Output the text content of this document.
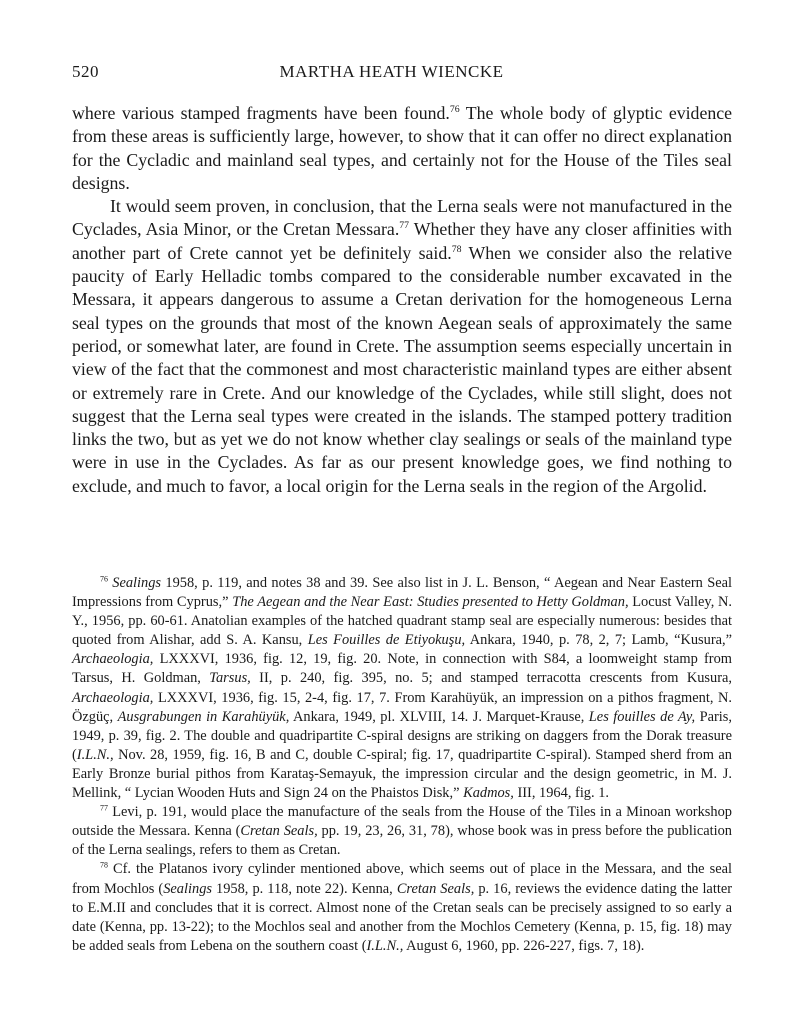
520	MARTHA HEATH WIENCKE

where various stamped fragments have been found.$^{76}$ The whole body of glyptic evidence from these areas is sufficiently large, however, to show that it can offer no direct explanation for the Cycladic and mainland seal types, and certainly not for the House of the Tiles seal designs.

It would seem proven, in conclusion, that the Lerna seals were not manufactured in the Cyclades, Asia Minor, or the Cretan Messara.$^{77}$ Whether they have any closer affinities with another part of Crete cannot yet be definitely said.$^{78}$ When we consider also the relative paucity of Early Helladic tombs compared to the considerable number excavated in the Messara, it appears dangerous to assume a Cretan derivation for the homogeneous Lerna seal types on the grounds that most of the known Aegean seals of approximately the same period, or somewhat later, are found in Crete. The assumption seems especially uncertain in view of the fact that the commonest and most characteristic mainland types are either absent or extremely rare in Crete. And our knowledge of the Cyclades, while still slight, does not suggest that the Lerna seal types were created in the islands. The stamped pottery tradition links the two, but as yet we do not know whether clay sealings or seals of the mainland type were in use in the Cyclades. As far as our present knowledge goes, we find nothing to exclude, and much to favor, a local origin for the Lerna seals in the region of the Argolid.

$^{76}$ Sealings 1958, p. 119, and notes 38 and 39. See also list in J. L. Benson, “ Aegean and Near Eastern Seal Impressions from Cyprus,” The Aegean and the Near East: Studies presented to Hetty Goldman, Locust Valley, N. Y., 1956, pp. 60-61. Anatolian examples of the hatched quadrant stamp seal are especially numerous: besides that quoted from Alishar, add S. A. Kansu, Les Fouilles de Etiyokuşu, Ankara, 1940, p. 78, 2, 7; Lamb, “Kusura,” Archaeologia, LXXXVI, 1936, fig. 12, 19, fig. 20. Note, in connection with S84, a loomweight stamp from Tarsus, H. Goldman, Tarsus, II, p. 240, fig. 395, no. 5; and stamped terracotta crescents from Kusura, Archaeologia, LXXXVI, 1936, fig. 15, 2-4, fig. 17, 7. From Karahüyük, an impression on a pithos fragment, N. Özgüç, Ausgrabungen in Karahüyük, Ankara, 1949, pl. XLVIII, 14. J. Marquet-Krause, Les fouilles de Ay, Paris, 1949, p. 39, fig. 2. The double and quadripartite C-spiral designs are striking on daggers from the Dorak treasure (I.L.N., Nov. 28, 1959, fig. 16, B and C, double C-spiral; fig. 17, quadripartite C-spiral). Stamped sherd from an Early Bronze burial pithos from Karataş-Semayuk, the impression circular and the design geometric, in M. J. Mellink, “ Lycian Wooden Huts and Sign 24 on the Phaistos Disk,” Kadmos, III, 1964, fig. 1.

$^{77}$ Levi, p. 191, would place the manufacture of the seals from the House of the Tiles in a Minoan workshop outside the Messara. Kenna (Cretan Seals, pp. 19, 23, 26, 31, 78), whose book was in press before the publication of the Lerna sealings, refers to them as Cretan.

$^{78}$ Cf. the Platanos ivory cylinder mentioned above, which seems out of place in the Messara, and the seal from Mochlos (Sealings 1958, p. 118, note 22). Kenna, Cretan Seals, p. 16, reviews the evidence dating the latter to E.M.II and concludes that it is correct. Almost none of the Cretan seals can be precisely assigned to so early a date (Kenna, pp. 13-22); to the Mochlos seal and another from the Mochlos Cemetery (Kenna, p. 15, fig. 18) may be added seals from Lebena on the southern coast (I.L.N., August 6, 1960, pp. 226-227, figs. 7, 18).
